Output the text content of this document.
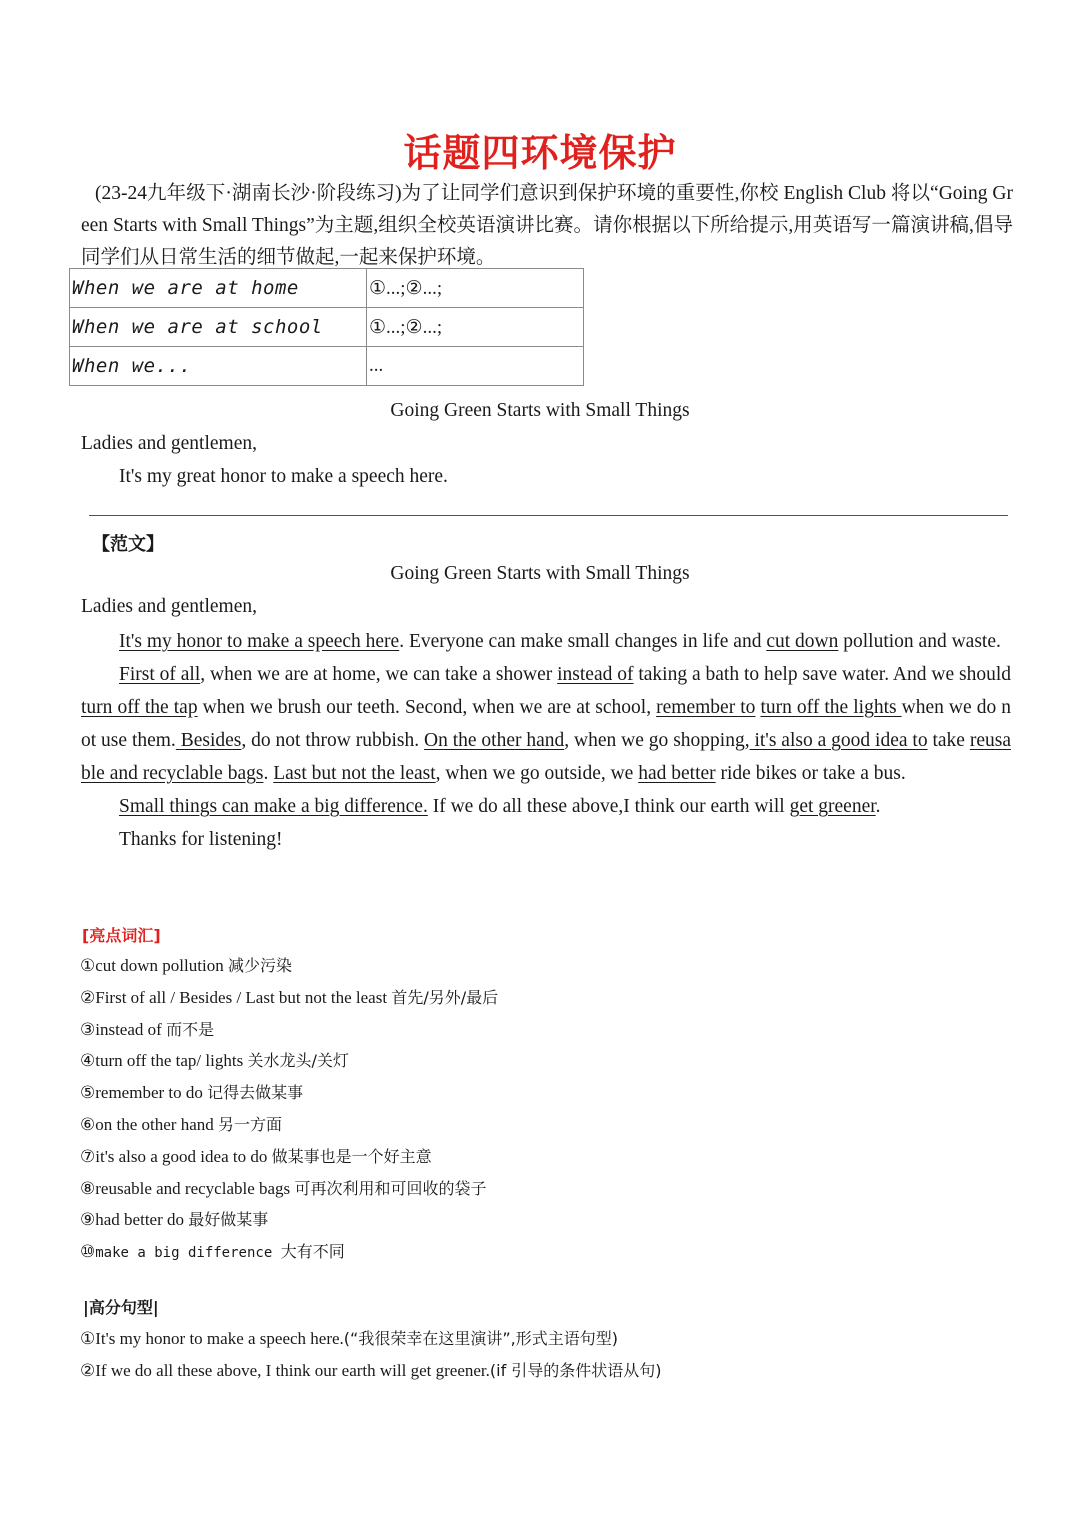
话题四环境保护
(23-24九年级下·湖南长沙·阶段练习)为了让同学们意识到保护环境的重要性,你校 English Club 将以“Going Green Starts with Small Things”为主题,组织全校英语演讲比赛。请你根据以下所给提示,用英语写一篇演讲稿,倡导同学们从日常生活的细节做起,一起来保护环境。
When we are at home	①...;②...;
When we are at school	①...;②...;
When we...	...
Going Green Starts with Small Things
Ladies and gentlemen,
It's my great honor to make a speech here.
【范文】
Going Green Starts with Small Things
Ladies and gentlemen,

It's my honor to make a speech here. Everyone can make small changes in life and cut down pollution and waste.

First of all, when we are at home, we can take a shower instead of taking a bath to help save water. And we should turn off the tap when we brush our teeth. Second, when we are at school, remember to turn off the lights when we do not use them. Besides, do not throw rubbish. On the other hand, when we go shopping, it's also a good idea to take reusable and recyclable bags. Last but not the least, when we go outside, we had better ride bikes or take a bus.

Small things can make a big difference. If we do all these above,I think our earth will get greener.

Thanks for listening!

[亮点词汇]
①cut down pollution 减少污染
②First of all / Besides / Last but not the least 首先/另外/最后
③instead of 而不是
④turn off the tap/ lights 关水龙头/关灯
⑤remember to do 记得去做某事
⑥on the other hand 另一方面
⑦it's also a good idea to do 做某事也是一个好主意
⑧reusable and recyclable bags 可再次利用和可回收的袋子
⑨had better do 最好做某事
⑩make a big difference 大有不同
|高分句型|
①It's my honor to make a speech here.(“我很荣幸在这里演讲”,形式主语句型)
②If we do all these above, I think our earth will get greener.(if 引导的条件状语从句)
